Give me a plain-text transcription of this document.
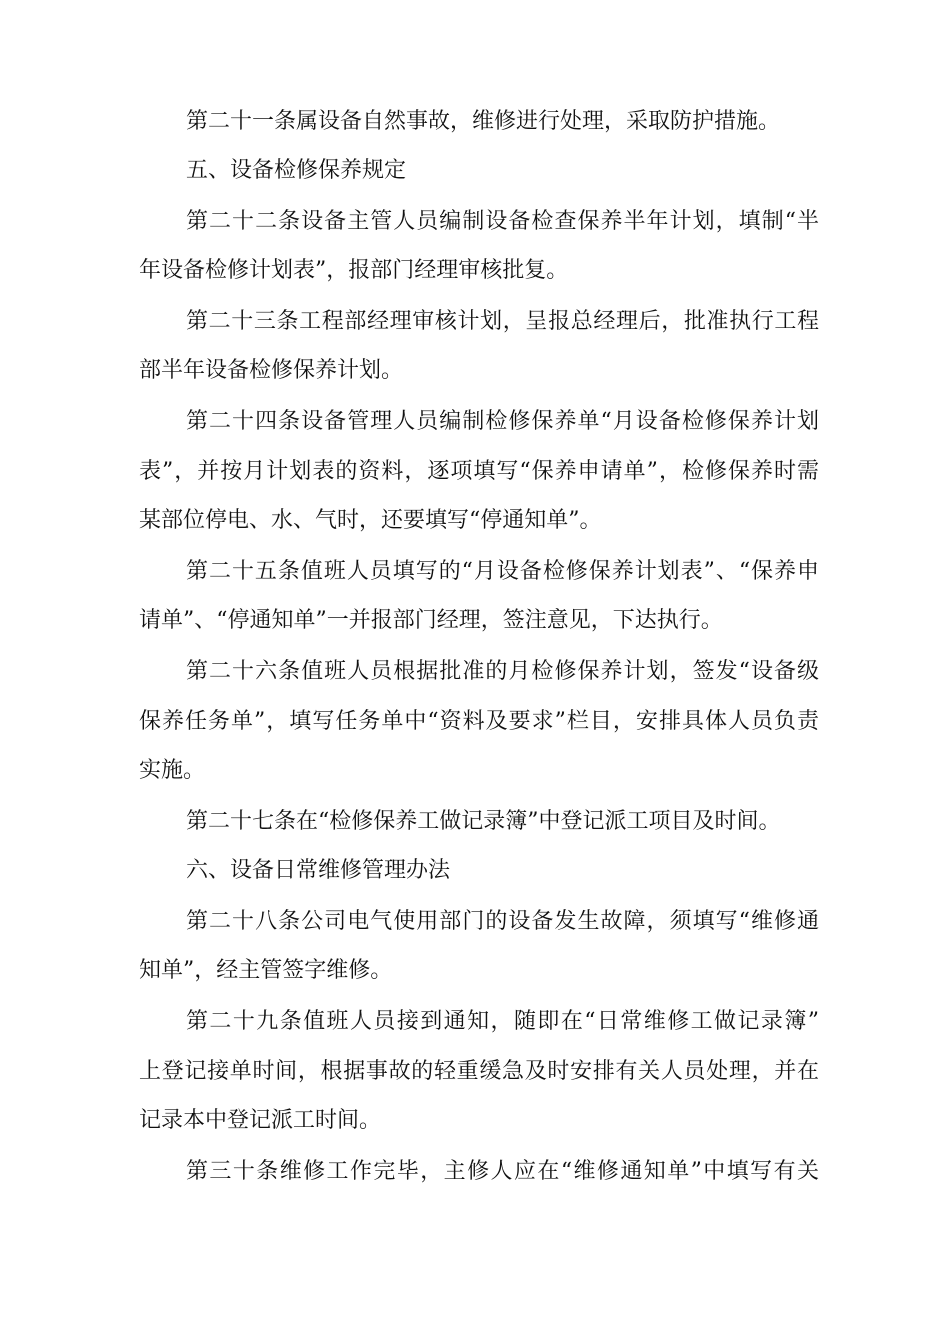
第二十一条属设备自然事故，维修进行处理，采取防护措施。
五、设备检修保养规定
第二十二条设备主管人员编制设备检查保养半年计划，填制“半
年设备检修计划表”，报部门经理审核批复。
第二十三条工程部经理审核计划，呈报总经理后，批准执行工程
部半年设备检修保养计划。
第二十四条设备管理人员编制检修保养单“月设备检修保养计划
表”，并按月计划表的资料，逐项填写“保养申请单”，检修保养时需
某部位停电、水、气时，还要填写“停通知单”。
第二十五条值班人员填写的“月设备检修保养计划表”、“保养申
请单”、“停通知单”一并报部门经理，签注意见，下达执行。
第二十六条值班人员根据批准的月检修保养计划，签发“设备级
保养任务单”，填写任务单中“资料及要求”栏目，安排具体人员负责
实施。
第二十七条在“检修保养工做记录簿”中登记派工项目及时间。
六、设备日常维修管理办法
第二十八条公司电气使用部门的设备发生故障，须填写“维修通
知单”，经主管签字维修。
第二十九条值班人员接到通知，随即在“日常维修工做记录簿”
上登记接单时间，根据事故的轻重缓急及时安排有关人员处理，并在
记录本中登记派工时间。
第三十条维修工作完毕，主修人应在“维修通知单”中填写有关
